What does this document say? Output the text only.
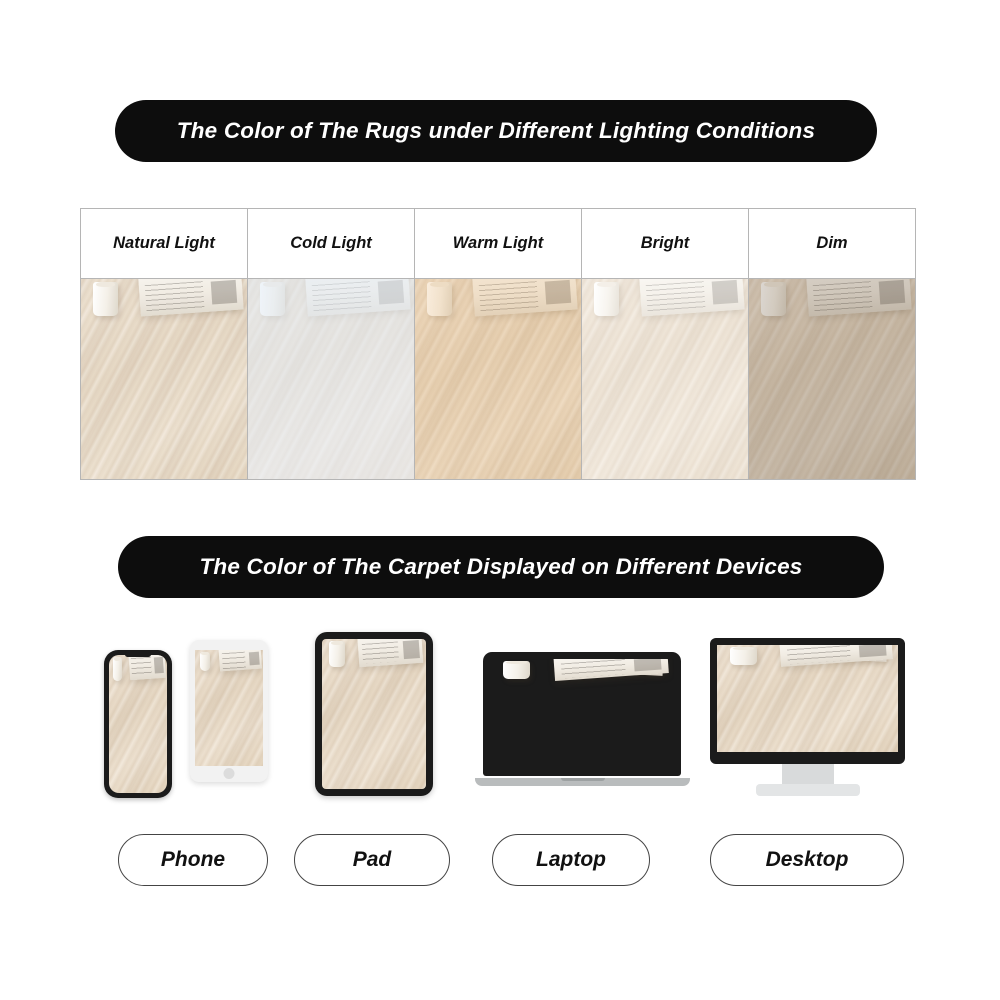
The Color of The Rugs under Different Lighting Conditions
Natural Light	Cold Light	Warm Light	Bright	Dim
The Color of The Carpet Displayed on Different Devices
Phone	Pad	Laptop	Desktop
